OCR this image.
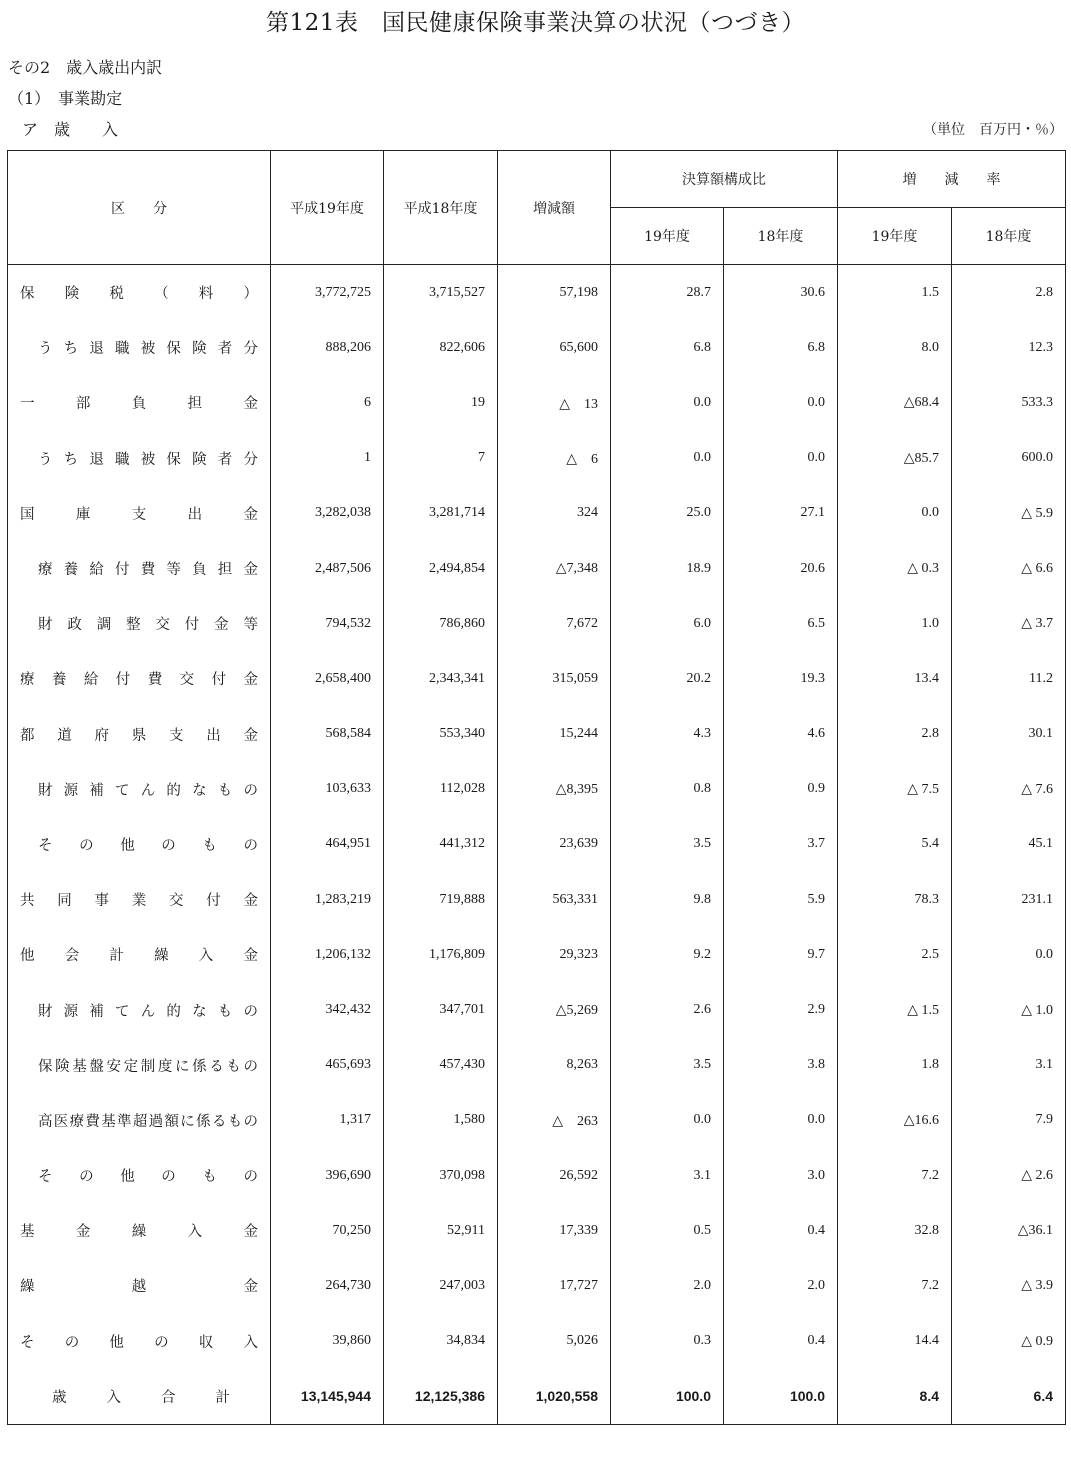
第121表　国民健康保険事業決算の状況（つづき）
その2　歳入歳出内訳
（1）　事業勘定
ア　歳　　入	（単位　百万円・％）
区　　分	平成19年度	平成18年度	増減額	決算額構成比		増　　減　　率	
				19年度	18年度	19年度	18年度
保険税（料）	3,772,725	3,715,527	57,198	28.7	30.6	1.5	2.8
うち退職被保険者分	888,206	822,606	65,600	6.8	6.8	8.0	12.3
一部負担金	6	19	△　13	0.0	0.0	△68.4	533.3
うち退職被保険者分	1	7	△　6	0.0	0.0	△85.7	600.0
国庫支出金	3,282,038	3,281,714	324	25.0	27.1	0.0	△ 5.9
療養給付費等負担金	2,487,506	2,494,854	△7,348	18.9	20.6	△ 0.3	△ 6.6
財政調整交付金等	794,532	786,860	7,672	6.0	6.5	1.0	△ 3.7
療養給付費交付金	2,658,400	2,343,341	315,059	20.2	19.3	13.4	11.2
都道府県支出金	568,584	553,340	15,244	4.3	4.6	2.8	30.1
財源補てん的なもの	103,633	112,028	△8,395	0.8	0.9	△ 7.5	△ 7.6
その他のもの	464,951	441,312	23,639	3.5	3.7	5.4	45.1
共同事業交付金	1,283,219	719,888	563,331	9.8	5.9	78.3	231.1
他会計繰入金	1,206,132	1,176,809	29,323	9.2	9.7	2.5	0.0
財源補てん的なもの	342,432	347,701	△5,269	2.6	2.9	△ 1.5	△ 1.0
保険基盤安定制度に係るもの	465,693	457,430	8,263	3.5	3.8	1.8	3.1
高医療費基準超過額に係るもの	1,317	1,580	△　263	0.0	0.0	△16.6	7.9
その他のもの	396,690	370,098	26,592	3.1	3.0	7.2	△ 2.6
基金繰入金	70,250	52,911	17,339	0.5	0.4	32.8	△36.1
繰越金	264,730	247,003	17,727	2.0	2.0	7.2	△ 3.9
その他の収入	39,860	34,834	5,026	0.3	0.4	14.4	△ 0.9
歳入合計	13,145,944	12,125,386	1,020,558	100.0	100.0	8.4	6.4
